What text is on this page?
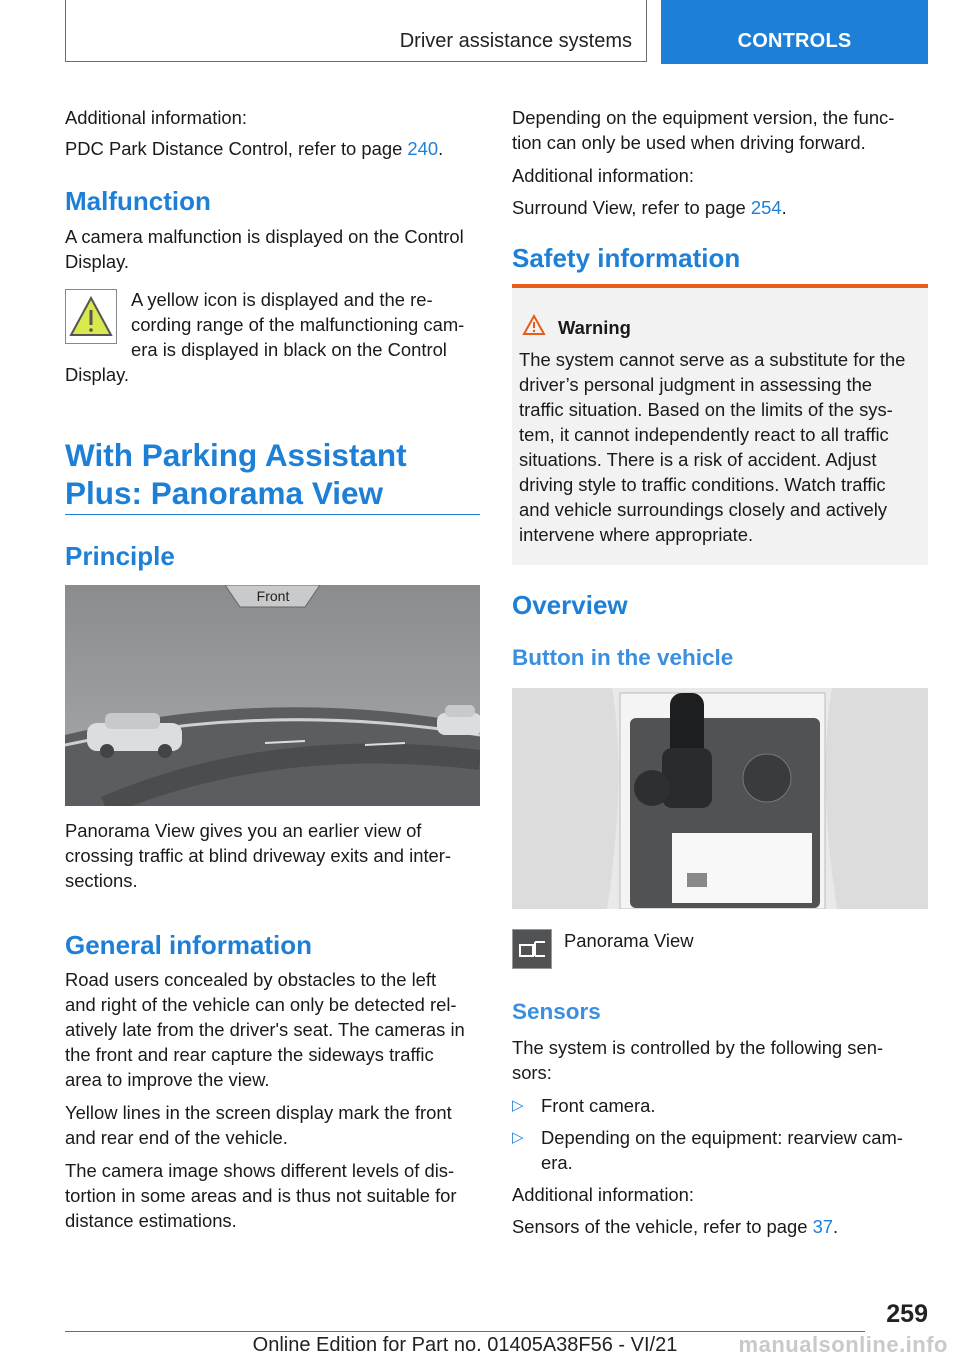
Driver assistance systems	CONTROLS

Additional information:

PDC Park Distance Control, refer to page 240.

Malfunction

A camera malfunction is displayed on the Control

Display.

A yellow icon is displayed and the re‐

cording range of the malfunctioning cam‐

era is displayed in black on the Control

Display.

With Parking Assistant
Plus: Panorama View
Principle
Front

Panorama View gives you an earlier view of

crossing traffic at blind driveway exits and inter‐

sections.

General information

Road users concealed by obstacles to the left

and right of the vehicle can only be detected rel‐

atively late from the driver's seat. The cameras in

the front and rear capture the sideways traffic

area to improve the view.

Yellow lines in the screen display mark the front

and rear end of the vehicle.

The camera image shows different levels of dis‐

tortion in some areas and is thus not suitable for

distance estimations.

Depending on the equipment version, the func‐

tion can only be used when driving forward.

Additional information:

Surround View, refer to page 254.

Safety information
Warning

The system cannot serve as a substitute for the

driver’s personal judgment in assessing the

traffic situation. Based on the limits of the sys‐

tem, it cannot independently react to all traffic

situations. There is a risk of accident. Adjust

driving style to traffic conditions. Watch traffic

and vehicle surroundings closely and actively

intervene where appropriate.

Overview
Button in the vehicle

Panorama View

Sensors

The system is controlled by the following sen‐

sors:

▷ Front camera.

▷ Depending on the equipment: rearview cam‐

era.

Additional information:

Sensors of the vehicle, refer to page 37.

259
Online Edition for Part no. 01405A38F56 - VI/21	manualsonline.info
